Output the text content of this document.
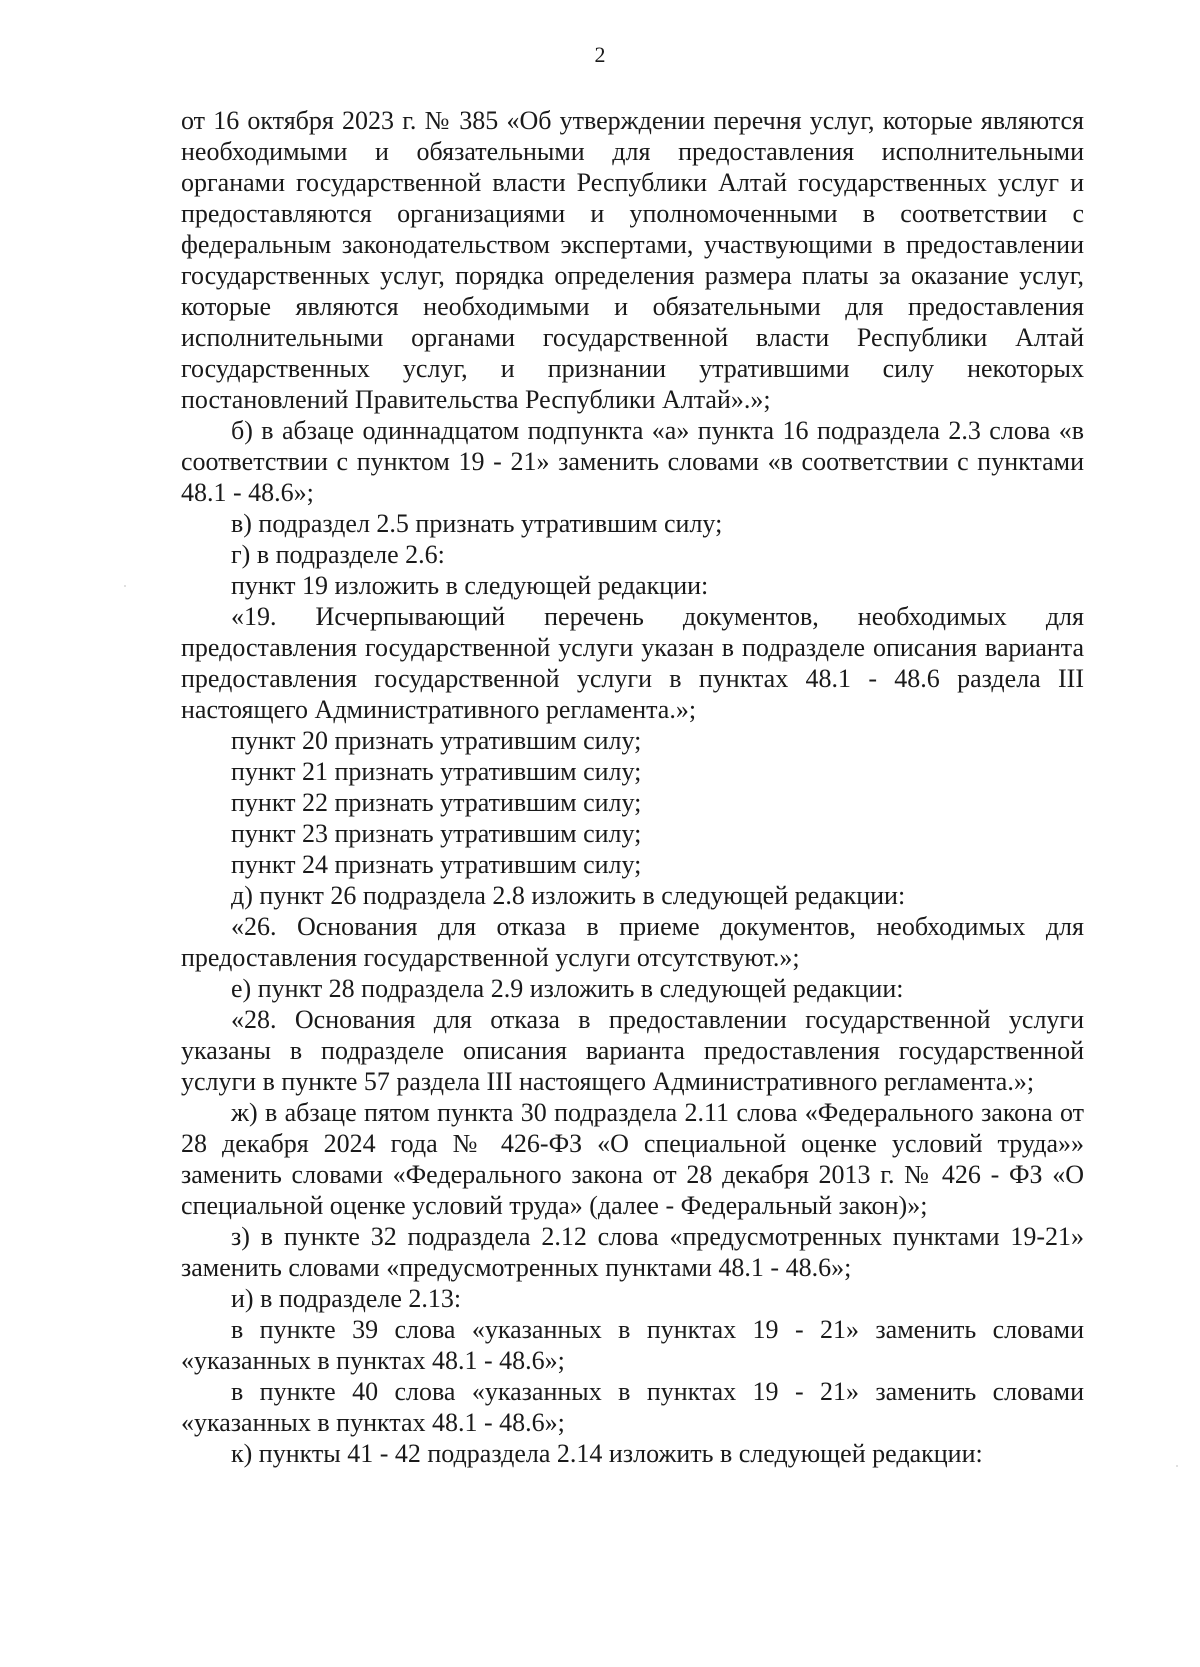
2

от 16 октября 2023 г. № 385 «Об утверждении перечня услуг, которые являются необходимыми и обязательными для предоставления исполнительными органами государственной власти Республики Алтай государственных услуг и предоставляются организациями и уполномоченными в соответствии с федеральным законодательством экспертами, участвующими в предоставлении государственных услуг, порядка определения размера платы за оказание услуг, которые являются необходимыми и обязательными для предоставления исполнительными органами государственной власти Республики Алтай государственных услуг, и признании утратившими силу некоторых постановлений Правительства Республики Алтай».»;

б) в абзаце одиннадцатом подпункта «а» пункта 16 подраздела 2.3 слова «в соответствии с пунктом 19 - 21» заменить словами «в соответствии с пунктами 48.1 - 48.6»;

в) подраздел 2.5 признать утратившим силу;

г) в подразделе 2.6:

пункт 19 изложить в следующей редакции:

«19. Исчерпывающий перечень документов, необходимых для предоставления государственной услуги указан в подразделе описания варианта предоставления государственной услуги в пунктах 48.1 - 48.6 раздела III настоящего Административного регламента.»;

пункт 20 признать утратившим силу;

пункт 21 признать утратившим силу;

пункт 22 признать утратившим силу;

пункт 23 признать утратившим силу;

пункт 24 признать утратившим силу;

д) пункт 26 подраздела 2.8 изложить в следующей редакции:

«26. Основания для отказа в приеме документов, необходимых для предоставления государственной услуги отсутствуют.»;

е) пункт 28 подраздела 2.9 изложить в следующей редакции:

«28. Основания для отказа в предоставлении государственной услуги указаны в подразделе описания варианта предоставления государственной услуги в пункте 57 раздела III настоящего Административного регламента.»;

ж) в абзаце пятом пункта 30 подраздела 2.11 слова «Федерального закона от 28 декабря 2024 года № 426-ФЗ «О специальной оценке условий труда»» заменить словами «Федерального закона от 28 декабря 2013 г. № 426 - ФЗ «О специальной оценке условий труда» (далее - Федеральный закон)»;

з) в пункте 32 подраздела 2.12 слова «предусмотренных пунктами 19-21» заменить словами «предусмотренных пунктами 48.1 - 48.6»;

и) в подразделе 2.13:

в пункте 39 слова «указанных в пунктах 19 - 21» заменить словами «указанных в пунктах 48.1 - 48.6»;

в пункте 40 слова «указанных в пунктах 19 - 21» заменить словами «указанных в пунктах 48.1 - 48.6»;

к) пункты 41 - 42 подраздела 2.14 изложить в следующей редакции:
